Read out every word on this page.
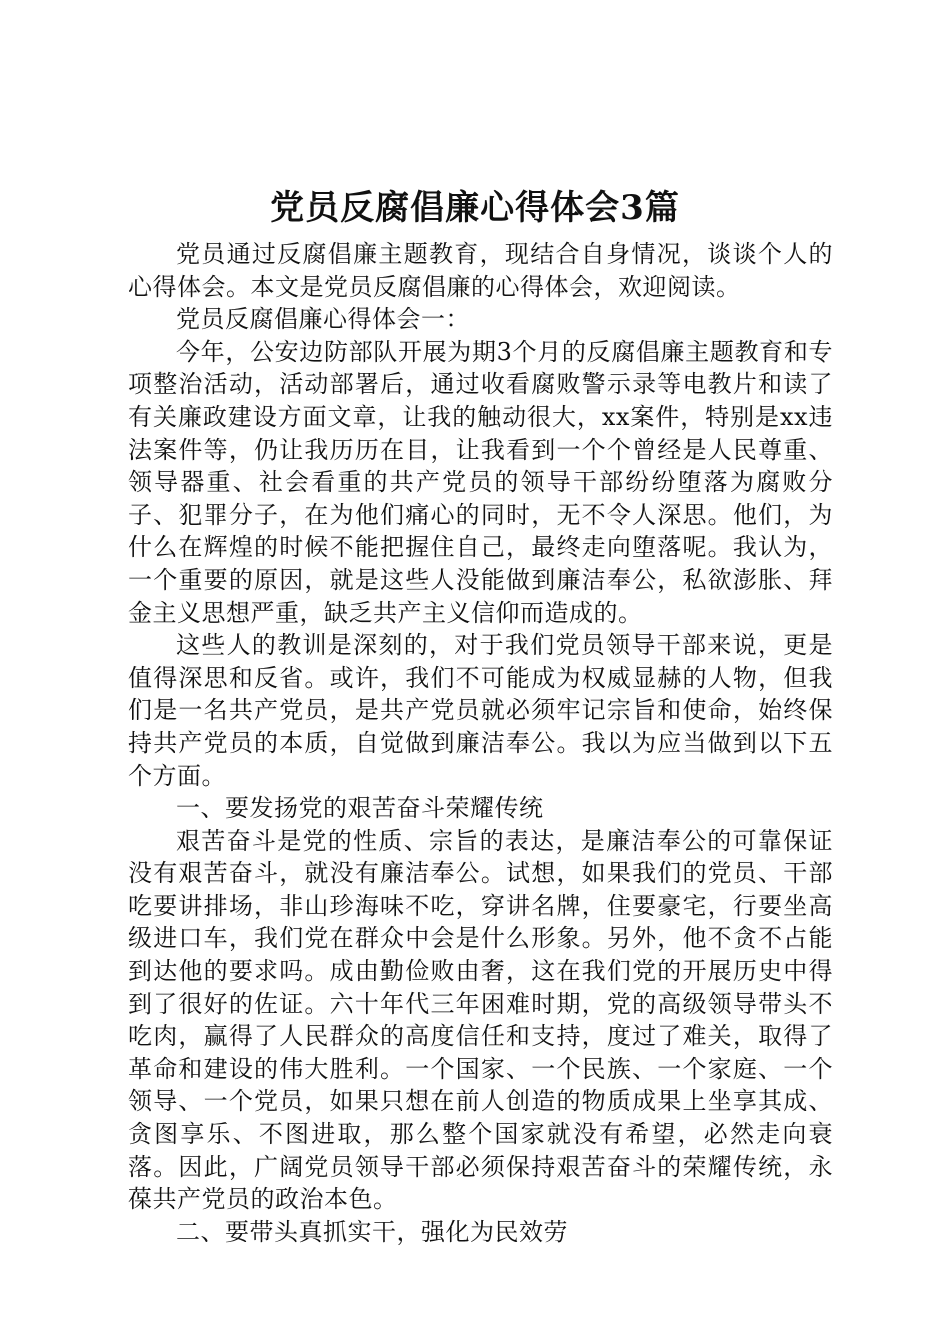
党员反腐倡廉心得体会3篇

党员通过反腐倡廉主题教育，现结合自身情况，谈谈个人的心得体会。本文是党员反腐倡廉的心得体会，欢迎阅读。

党员反腐倡廉心得体会一：

今年，公安边防部队开展为期3个月的反腐倡廉主题教育和专项整治活动，活动部署后，通过收看腐败警示录等电教片和读了有关廉政建设方面文章，让我的触动很大，xx案件，特别是xx违法案件等，仍让我历历在目，让我看到一个个曾经是人民尊重、领导器重、社会看重的共产党员的领导干部纷纷堕落为腐败分子、犯罪分子，在为他们痛心的同时，无不令人深思。他们，为什么在辉煌的时候不能把握住自己，最终走向堕落呢。我认为，一个重要的原因，就是这些人没能做到廉洁奉公，私欲澎胀、拜金主义思想严重，缺乏共产主义信仰而造成的。

这些人的教训是深刻的，对于我们党员领导干部来说，更是值得深思和反省。或许，我们不可能成为权威显赫的人物，但我们是一名共产党员，是共产党员就必须牢记宗旨和使命，始终保持共产党员的本质，自觉做到廉洁奉公。我以为应当做到以下五个方面。

一、要发扬党的艰苦奋斗荣耀传统

艰苦奋斗是党的性质、宗旨的表达，是廉洁奉公的可靠保证没有艰苦奋斗，就没有廉洁奉公。试想，如果我们的党员、干部吃要讲排场，非山珍海味不吃，穿讲名牌，住要豪宅，行要坐高级进口车，我们党在群众中会是什么形象。另外，他不贪不占能到达他的要求吗。成由勤俭败由奢，这在我们党的开展历史中得到了很好的佐证。六十年代三年困难时期，党的高级领导带头不吃肉，赢得了人民群众的高度信任和支持，度过了难关，取得了革命和建设的伟大胜利。一个国家、一个民族、一个家庭、一个领导、一个党员，如果只想在前人创造的物质成果上坐享其成、贪图享乐、不图进取，那么整个国家就没有希望，必然走向衰落。因此，广阔党员领导干部必须保持艰苦奋斗的荣耀传统，永葆共产党员的政治本色。

二、要带头真抓实干，强化为民效劳
